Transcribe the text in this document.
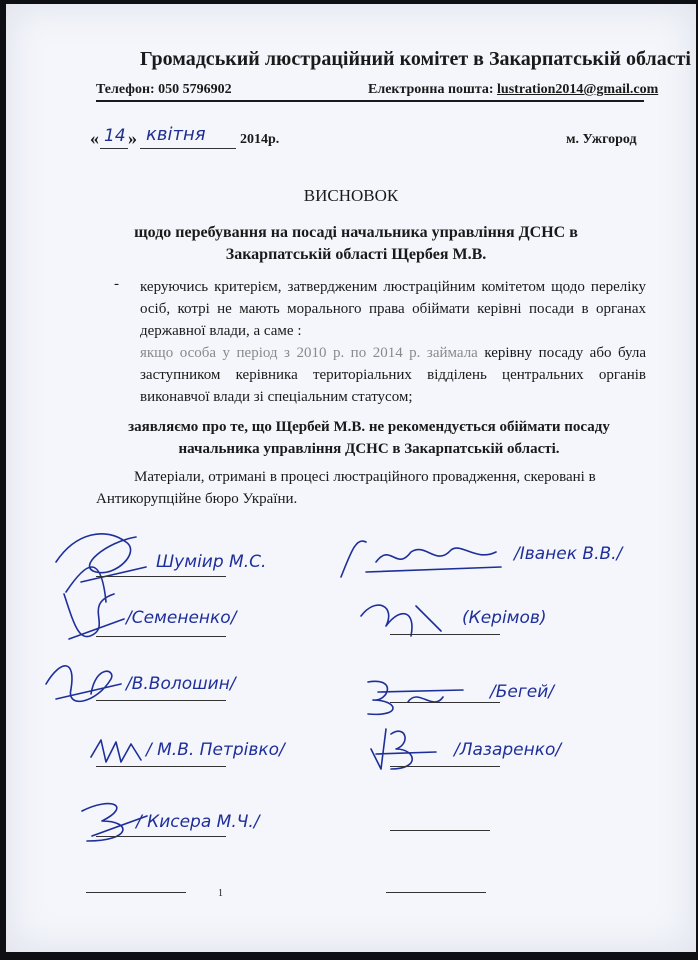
Громадський люстраційний комітет в Закарпатській області
Телефон: 050 5796902	Електронна пошта: lustration2014@gmail.com
« 14 » квітня 2014р.	м. Ужгород
ВИСНОВОК
щодо перебування на посаді начальника управління ДСНС в Закарпатській області Щербея М.В.
- керуючись критерієм, затвердженим люстраційним комітетом щодо переліку осіб, котрі не мають морального права обіймати керівні посади в органах державної влади, а саме :
якщо особа у період з 2010 р. по 2014 р. займала керівну посаду або була заступником керівника територіальних відділень центральних органів виконавчої влади зі спеціальним статусом;
заявляємо про те, що Щербей М.В. не рекомендується обіймати посаду начальника управління ДСНС в Закарпатській області.
Матеріали, отримані в процесі люстраційного провадження, скеровані в Антикорупційне бюро України.
Шуміир М.С.
/Семененко/
/В.Волошин/
/ М.В. Петрівко/
/ Кисера М.Ч./
1
/Іванек В.В./
(Керімов)
/Бегей/
/Лазаренко/
